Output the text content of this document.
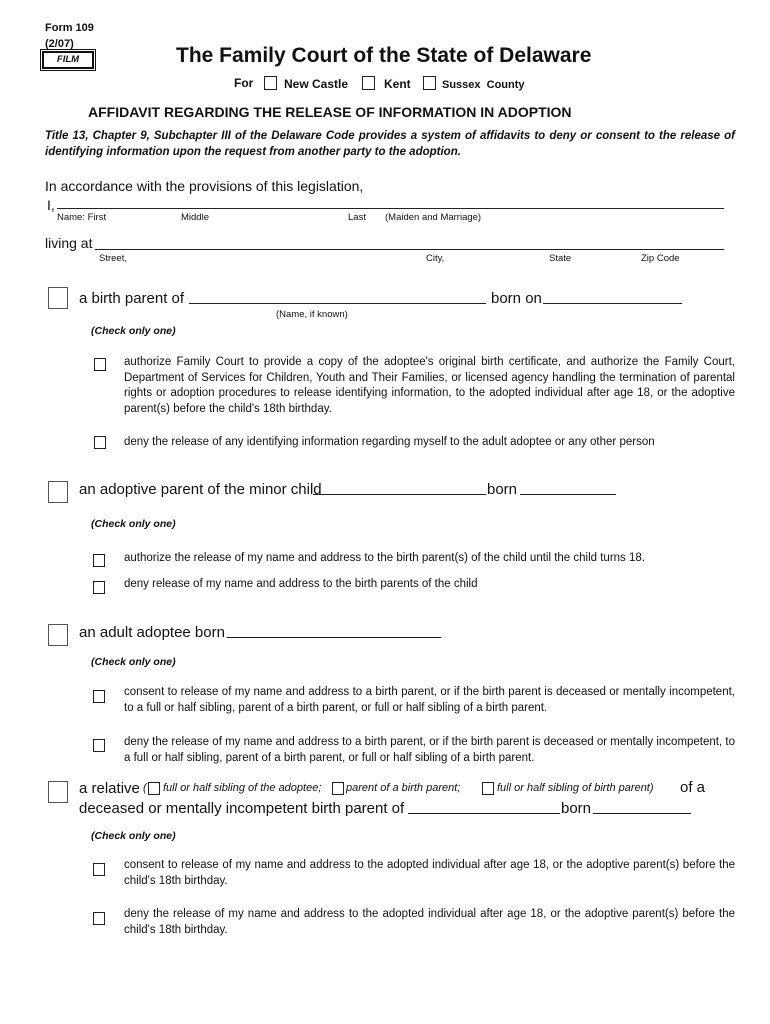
Form 109
(2/07)
FILM	The Family Court of the State of Delaware
For	New Castle	Kent	Sussex  County
AFFIDAVIT REGARDING THE RELEASE OF INFORMATION IN ADOPTION
Title 13, Chapter 9, Subchapter III of the Delaware Code provides a system of affidavits to deny or consent to the release of identifying information upon the request from another party to the adoption.
In accordance with the provisions of this legislation,
I,
Name: First	Middle	Last (Maiden and Marriage)
living at
Street,	City,	State	Zip Code
a birth parent of	born on
(Name, if known)
(Check only one)
authorize Family Court to provide a copy of the adoptee's original birth certificate, and authorize the Family Court, Department of Services for Children, Youth and Their Families, or licensed agency handling the termination of parental rights or adoption procedures to release identifying information, to the adopted individual after age 18, or the adoptive parent(s) before the child's 18th birthday.
deny the release of any identifying information regarding myself to the adult adoptee or any other person
an adoptive parent of the minor child	born
(Check only one)
authorize the release of my name and address to the birth parent(s) of the child until the child turns 18.
deny release of my name and address to the birth parents of the child
an adult adoptee born
(Check only one)
consent to release of my name and address to a birth parent, or if the birth parent is deceased or mentally incompetent, to a full or half sibling, parent of a birth parent, or full or half sibling of a birth parent.
deny the release of my name and address to a birth parent, or if the birth parent is deceased or mentally incompetent, to a full or half sibling, parent of a birth parent, or full or half sibling of a birth parent.
a relative ( full or half sibling of the adoptee; parent of a birth parent;	full or half sibling of birth parent) of a
deceased or mentally incompetent birth parent of	born
(Check only one)
consent to release of my name and address to the adopted individual after age 18, or the adoptive parent(s) before the child's 18th birthday.
deny the release of my name and address to the adopted individual after age 18, or the adoptive parent(s) before the child's 18th birthday.
